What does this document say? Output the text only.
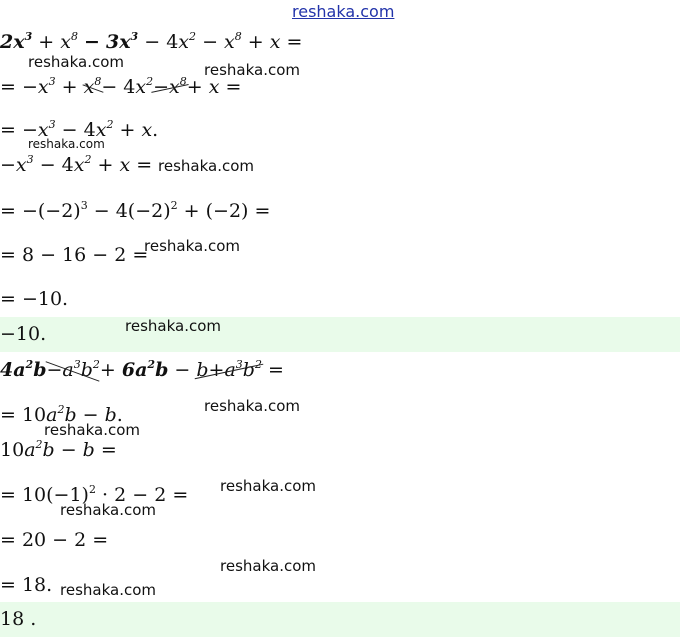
reshaka.com
$2x^3 + x^8 - 3x^3 - 4x^2 - x^8 + x$ =
reshaka.com
= $-x^3 + x^8- 4x^2-x^8+ x$ =
reshaka.com
= $-x^3 - 4x^2 + x$.
reshaka.com
$-x^3 - 4x^2 + x$ = reshaka.com
= $-(-2)^3 - 4(-2)^2 + (-2)$ =
= 8 − 16 − 2 =
reshaka.com
= −10.
−10.	reshaka.com
$4a^2b-a^3b^2+ 6a^2b - b+a^3b^2$ =
= $10a^2b - b$.	reshaka.com
reshaka.com
$10a^2b - b$ =
= $10(-1)^2 \cdot 2 - 2$ = reshaka.com
reshaka.com
= 20 − 2 =
reshaka.com
= 18. reshaka.com
18 .
